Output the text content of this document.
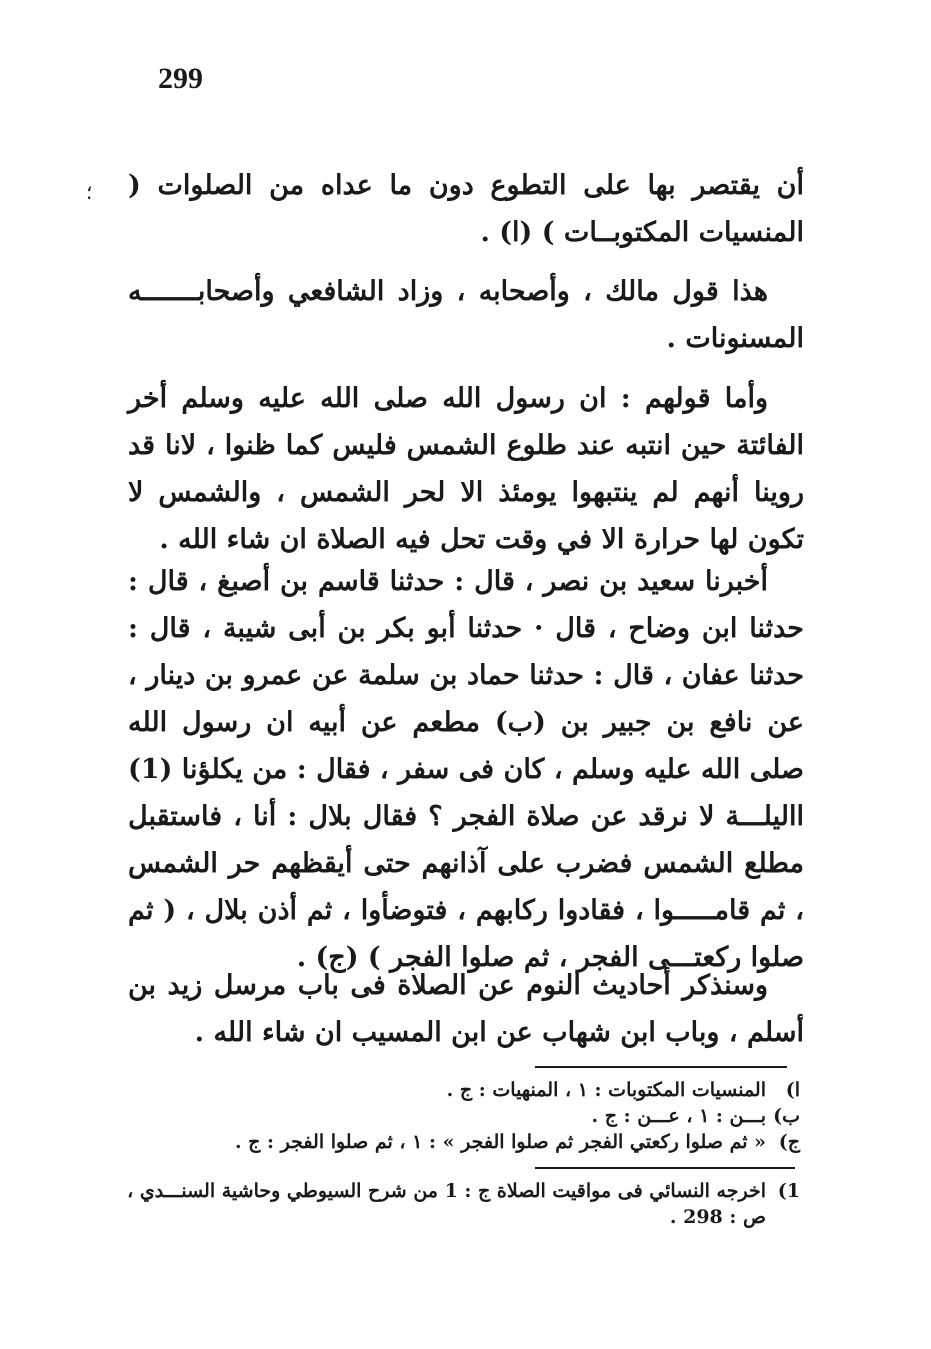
299
؛ أن يقتصر بها على التطوع دون ما عداه من الصلوات ( المنسيات المكتوبــات ) (ا) .

هذا قول مالك ، وأصحابه ، وزاد الشافعي وأصحابـــــــه المسنونات .

وأما قولهم : ان رسول الله صلى الله عليه وسلم أخر الفائتة حين انتبه عند طلوع الشمس فليس كما ظنوا ، لانا قد روينا أنهم لم ينتبهوا يومئذ الا لحر الشمس ، والشمس لا تكون لها حرارة الا في وقت تحل فيه الصلاة ان شاء الله .

أخبرنا سعيد بن نصر ، قال : حدثنا قاسم بن أصبغ ، قال : حدثنا ابن وضاح ، قال · حدثنا أبو بكر بن أبى شيبة ، قال : حدثنا عفان ، قال : حدثنا حماد بن سلمة عن عمرو بن دينار ، عن نافع بن جبير بن (ب) مطعم عن أبيه ان رسول الله صلى الله عليه وسلم ، كان فى سفر ، فقال : من يكلؤنا (1) االيلـــة لا نرقد عن صلاة الفجر ؟ فقال بلال : أنا ، فاستقبل مطلع الشمس فضرب على آذانهم حتى أيقظهم حر الشمس ، ثم قامـــــوا ، فقادوا ركابهم ، فتوضأوا ، ثم أذن بلال ، ( ثم صلوا ركعتـــى الفجر ، ثم صلوا الفجر ) (ج) .

وسنذكر أحاديث النوم عن الصلاة فى باب مرسل زيد بن أسلم ، وباب ابن شهاب عن ابن المسيب ان شاء الله .

ا)
المنسيات المكتوبات : ١ ، المنهيات : ج .
ب)
بـــن : ١ ، عـــن : ج .
ج)
« ثم صلوا ركعتي الفجر ثم صلوا الفجر » : ١ ، ثم صلوا الفجر : ج .
1)
اخرجه النسائي فى مواقيت الصلاة ج : 1 من شرح السيوطي وحاشية السنـــدي ، ص : 298 .
